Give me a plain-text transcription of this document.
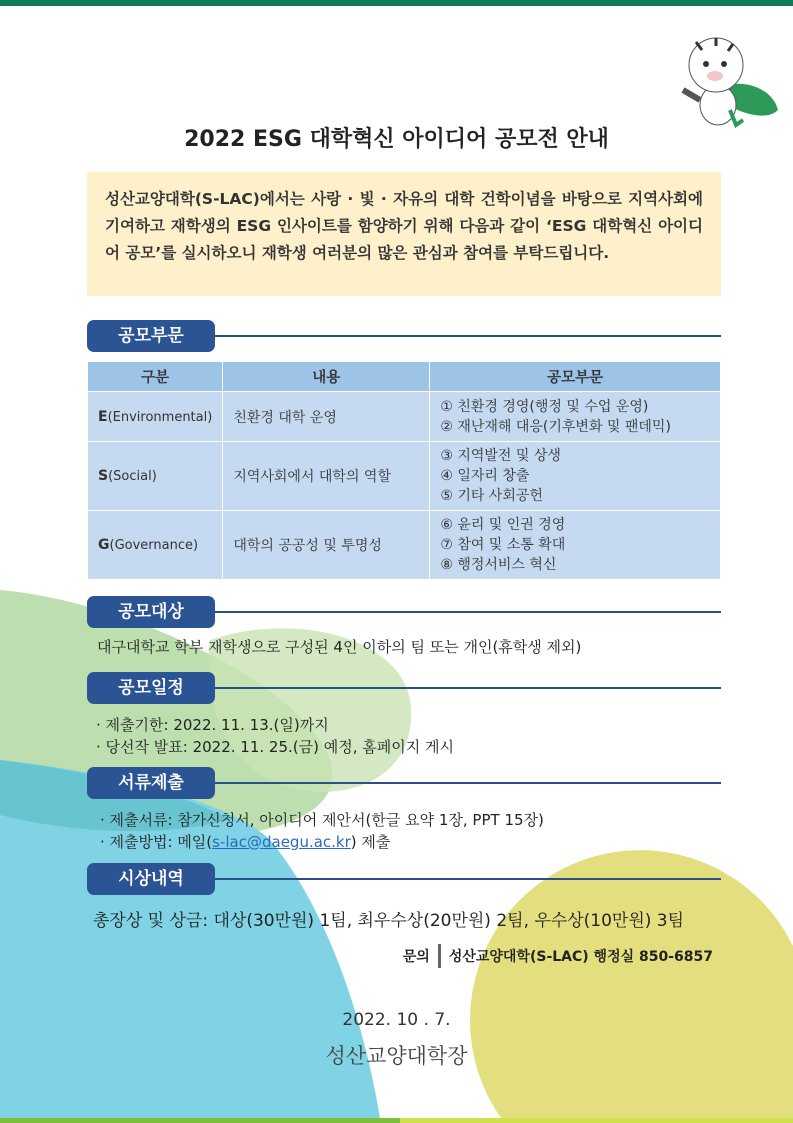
2022 ESG 대학혁신 아이디어 공모전 안내
성산교양대학(S-LAC)에서는 사랑 · 빛 · 자유의 대학 건학이념을 바탕으로 지역사회에 기여하고 재학생의 ESG 인사이트를 함양하기 위해 다음과 같이 ‘ESG 대학혁신 아이디어 공모’를 실시하오니 재학생 여러분의 많은 관심과 참여를 부탁드립니다.
공모부문
구분	내용	공모부문
E(Environmental)	친환경 대학 운영	① 친환경 경영(행정 및 수업 운영)
② 재난재해 대응(기후변화 및 팬데믹)

S(Social)	지역사회에서 대학의 역할	③ 지역발전 및 상생
④ 일자리 창출
⑤ 기타 사회공헌

G(Governance)	대학의 공공성 및 투명성	⑥ 윤리 및 인권 경영
⑦ 참여 및 소통 확대
⑧ 행정서비스 혁신
공모대상
대구대학교 학부 재학생으로 구성된 4인 이하의 팀 또는 개인(휴학생 제외)
공모일정
· 제출기한: 2022. 11. 13.(일)까지
· 당선작 발표: 2022. 11. 25.(금) 예정, 홈페이지 게시
서류제출
· 제출서류: 참가신청서, 아이디어 제안서(한글 요약 1장, PPT 15장)
· 제출방법: 메일(s-lac@daegu.ac.kr) 제출
시상내역
총장상 및 상금: 대상(30만원) 1팀, 최우수상(20만원) 2팀, 우수상(10만원) 3팀
문의 성산교양대학(S-LAC) 행정실 850-6857
2022. 10 . 7.
성산교양대학장
